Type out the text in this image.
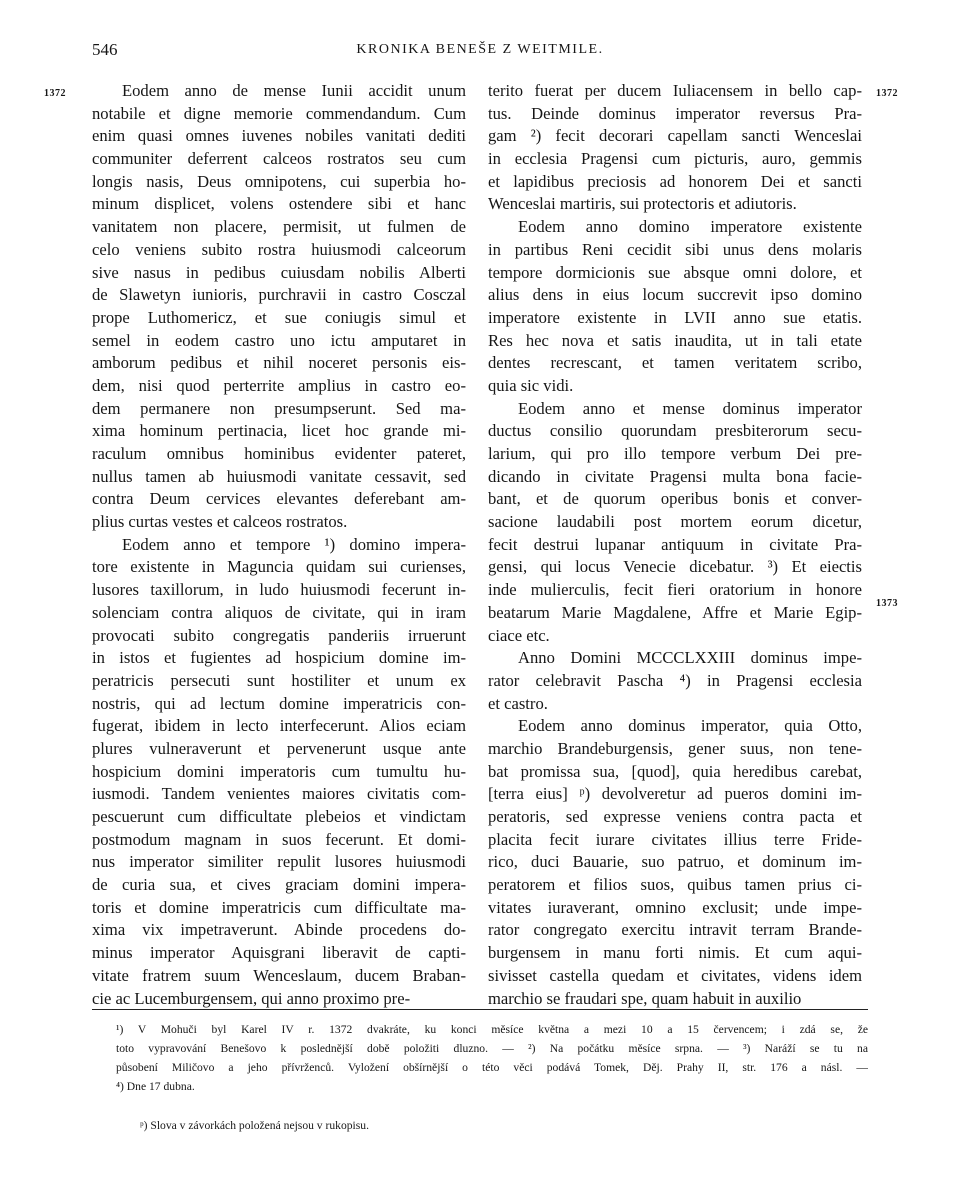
546	KRONIKA BENEŠE Z WEITMILE.
1372	1372
1373
Eodem anno de mense Iunii accidit unum
notabile et digne memorie commendandum. Cum
enim quasi omnes iuvenes nobiles vanitati dediti
communiter deferrent calceos rostratos seu cum
longis nasis, Deus omnipotens, cui superbia ho-
minum displicet, volens ostendere sibi et hanc
vanitatem non placere, permisit, ut fulmen de
celo veniens subito rostra huiusmodi calceorum
sive nasus in pedibus cuiusdam nobilis Alberti
de Slawetyn iunioris, purchravii in castro Cosczal
prope Luthomericz, et sue coniugis simul et
semel in eodem castro uno ictu amputaret in
amborum pedibus et nihil noceret personis eis-
dem, nisi quod perterrite amplius in castro eo-
dem permanere non presumpserunt. Sed ma-
xima hominum pertinacia, licet hoc grande mi-
raculum omnibus hominibus evidenter pateret,
nullus tamen ab huiusmodi vanitate cessavit, sed
contra Deum cervices elevantes deferebant am-
plius curtas vestes et calceos rostratos.
Eodem anno et tempore ¹) domino impera-
tore existente in Maguncia quidam sui curienses,
lusores taxillorum, in ludo huiusmodi fecerunt in-
solenciam contra aliquos de civitate, qui in iram
provocati subito congregatis panderiis irruerunt
in istos et fugientes ad hospicium domine im-
peratricis persecuti sunt hostiliter et unum ex
nostris, qui ad lectum domine imperatricis con-
fugerat, ibidem in lecto interfecerunt. Alios eciam
plures vulneraverunt et pervenerunt usque ante
hospicium domini imperatoris cum tumultu hu-
iusmodi. Tandem venientes maiores civitatis com-
pescuerunt cum difficultate plebeios et vindictam
postmodum magnam in suos fecerunt. Et domi-
nus imperator similiter repulit lusores huiusmodi
de curia sua, et cives graciam domini impera-
toris et domine imperatricis cum difficultate ma-
xima vix impetraverunt. Abinde procedens do-
minus imperator Aquisgrani liberavit de capti-
vitate fratrem suum Wenceslaum, ducem Braban-
cie ac Lucemburgensem, qui anno proximo pre-
terito fuerat per ducem Iuliacensem in bello cap-
tus. Deinde dominus imperator reversus Pra-
gam ²) fecit decorari capellam sancti Wenceslai
in ecclesia Pragensi cum picturis, auro, gemmis
et lapidibus preciosis ad honorem Dei et sancti
Wenceslai martiris, sui protectoris et adiutoris.
Eodem anno domino imperatore existente
in partibus Reni cecidit sibi unus dens molaris
tempore dormicionis sue absque omni dolore, et
alius dens in eius locum succrevit ipso domino
imperatore existente in LVII anno sue etatis.
Res hec nova et satis inaudita, ut in tali etate
dentes recrescant, et tamen veritatem scribo,
quia sic vidi.
Eodem anno et mense dominus imperator
ductus consilio quorundam presbiterorum secu-
larium, qui pro illo tempore verbum Dei pre-
dicando in civitate Pragensi multa bona facie-
bant, et de quorum operibus bonis et conver-
sacione laudabili post mortem eorum dicetur,
fecit destrui lupanar antiquum in civitate Pra-
gensi, qui locus Venecie dicebatur. ³) Et eiectis
inde mulierculis, fecit fieri oratorium in honore
beatarum Marie Magdalene, Affre et Marie Egip-
ciace etc.
Anno Domini MCCCLXXIII dominus impe-
rator celebravit Pascha ⁴) in Pragensi ecclesia
et castro.
Eodem anno dominus imperator, quia Otto,
marchio Brandeburgensis, gener suus, non tene-
bat promissa sua, [quod], quia heredibus carebat,
[terra eius] ᵖ) devolveretur ad pueros domini im-
peratoris, sed expresse veniens contra pacta et
placita fecit iurare civitates illius terre Fride-
rico, duci Bauarie, suo patruo, et dominum im-
peratorem et filios suos, quibus tamen prius ci-
vitates iuraverant, omnino exclusit; unde impe-
rator congregato exercitu intravit terram Brande-
burgensem in manu forti nimis. Et cum aqui-
sivisset castella quedam et civitates, videns idem
marchio se fraudari spe, quam habuit in auxilio
¹) V Mohuči byl Karel IV r. 1372 dvakráte, ku konci měsíce května a mezi 10 a 15 červencem; i zdá se, že
toto vypravování Benešovo k poslednější době položiti dluzno. — ²) Na počátku měsíce srpna. — ³) Naráží se tu na
působení Miličovo a jeho přívrženců. Vyložení obšírnější o této věci podává Tomek, Děj. Prahy II, str. 176 a násl. —
⁴) Dne 17 dubna.
ᵖ) Slova v závorkách položená nejsou v rukopisu.
